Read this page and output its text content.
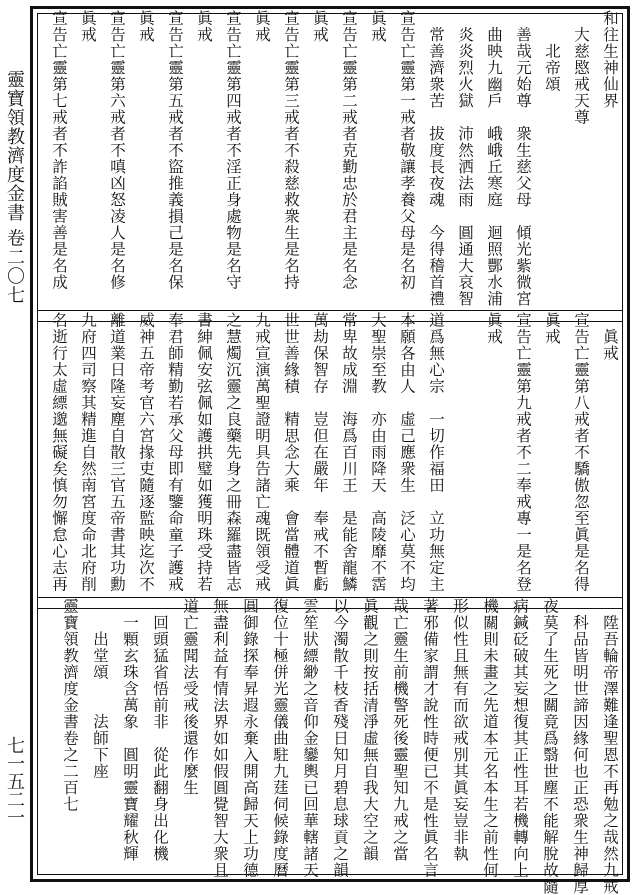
靈寶領教濟度金書 卷二〇七
七一五二一
和往生神仙界
　大慈愍戒天尊
　　北帝頌
　善哉元始尊　衆生慈父母　傾光紫微宮
　曲映九幽戶　峨峨丘寒庭　迴照酆水浦
　炎炎烈火獄　沛然洒法雨　圓通大哀智
　常善濟衆苦　拔度長夜魂　今得稽首禮
宣告亡靈第一戒者敬讓孝養父母是名初
眞戒
宣告亡靈第二戒者克勤忠於君主是名念
眞戒
宣告亡靈第三戒者不殺慈救衆生是名持
眞戒
宣告亡靈第四戒者不淫正身處物是名守
眞戒
宣告亡靈第五戒者不盜推義損己是名保
眞戒
宣告亡靈第六戒者不嗔凶怒凌人是名修
眞戒
宣告亡靈第七戒者不詐諂賊害善是名成
　眞戒
宣告亡靈第八戒者不驕傲忽至眞是名得
眞戒
宣告亡靈第九戒者不二奉戒專一是名登
眞戒
道爲無心宗　一切作福田　立功無定主
本願各由人　虛己應衆生　泛心莫不均
大聖崇至教　亦由雨降天　高陵靡不霑
常卑故成淵　海爲百川王　是能舍龍鱗
萬劫保智存　豈但在嚴年　奉戒不暫虧
世世善緣積　精思念大乘　會當體道眞
九戒宣演萬聖證明具告諸亡魂既領受戒
之慧燭沉靈之良藥先身之冊森羅盡皆志
書紳佩安弦佩如護拱璧如獲明珠受持若
奉君師精勤若承父母即有鑒命童子護戒
威神五帝考官六宮掾吏隨逐監映迄次不
離道業日隆妄塵自散三官五帝書其功勳
九府四司察其精進自然南宮度命北府削
名逝行太虛縹邈無礙矣慎勿懈怠心志再
　陞吾輪帝澤難逢聖恩不再勉之哉然九戒
　科品皆明世諦因緣何也正恐衆生神歸厚
夜莫了生死之關竟爲翳世塵不能解脫故隨
病鍼砭破其妄想復其正性耳若機轉向上
機關則未畫之先道本元名本生之前性何
形似性且無有而欲戒別其眞妄豈非執
著邪備家謂才說性時便已不是性眞名言
哉亡靈生前機警死後靈聖知九戒之當
眞觀之則按括清淨虛無自我大空之韻
以今濁散千枝香殘日知月碧息球貢之韻
雲笙狀縹緲之音仰金鑾輿已回華轄諸天
復位十極併光靈儀曲駐九莛伺候錄度曆
圓御錄探奉昇遐永棄入開高歸天上功德
無盡利益有情法界如如假圓覺智大衆且
道亡靈聞法受戒後還作麼生
　回頭猛省悟前非　從此翻身出化機
　一顆玄珠含萬象　圓明靈寶耀秋輝
　　出堂頌　　法師下座
靈寶領教濟度金書卷之二百七
